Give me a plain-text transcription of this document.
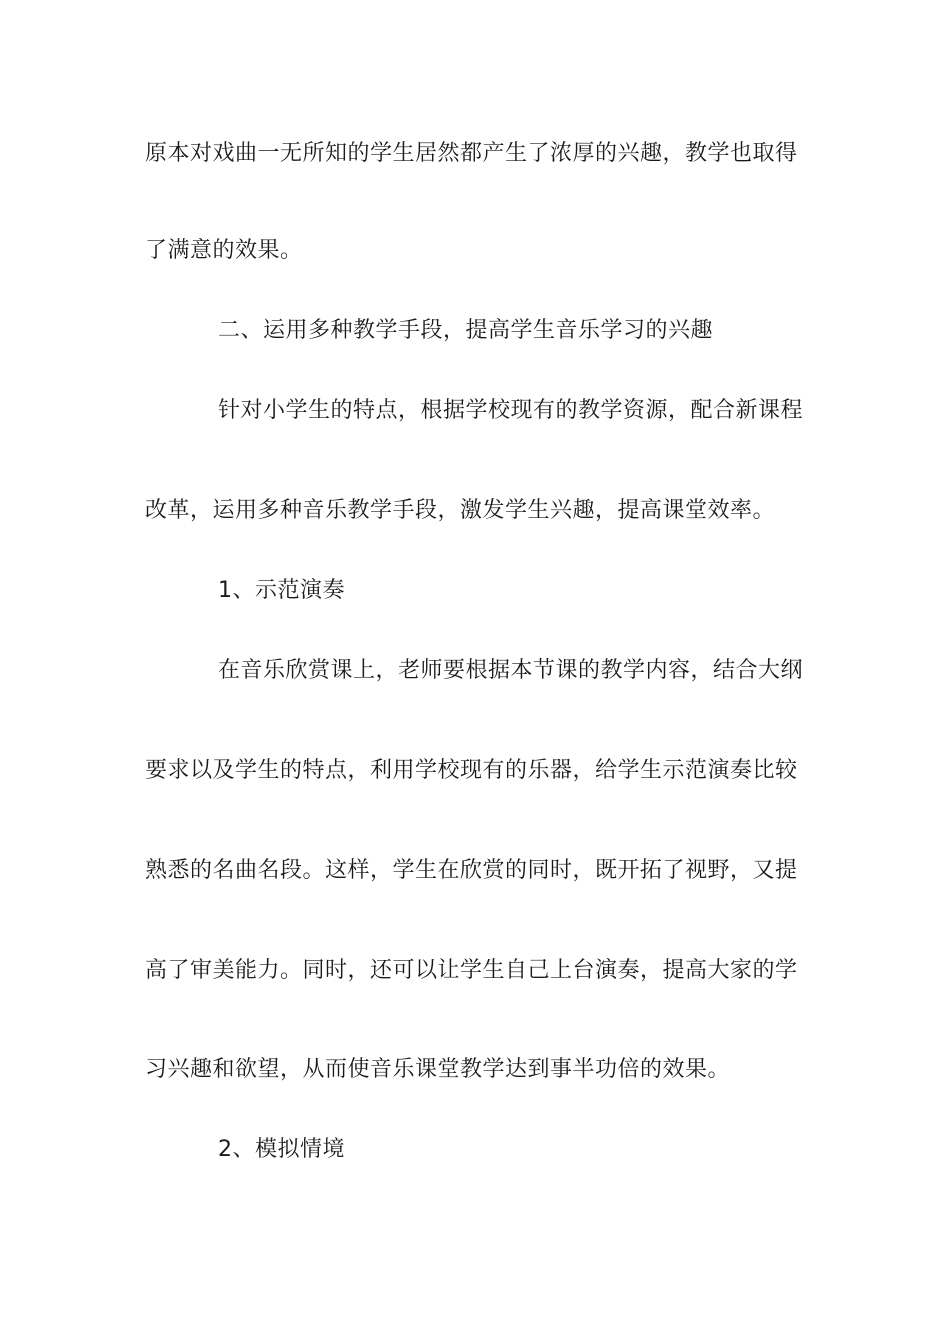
原本对戏曲一无所知的学生居然都产生了浓厚的兴趣，教学也取得
了满意的效果。
二、运用多种教学手段，提高学生音乐学习的兴趣
针对小学生的特点，根据学校现有的教学资源，配合新课程
改革，运用多种音乐教学手段，激发学生兴趣，提高课堂效率。
1、示范演奏
在音乐欣赏课上，老师要根据本节课的教学内容，结合大纲
要求以及学生的特点，利用学校现有的乐器，给学生示范演奏比较
熟悉的名曲名段。这样，学生在欣赏的同时，既开拓了视野，又提
高了审美能力。同时，还可以让学生自己上台演奏，提高大家的学
习兴趣和欲望，从而使音乐课堂教学达到事半功倍的效果。
2、模拟情境
